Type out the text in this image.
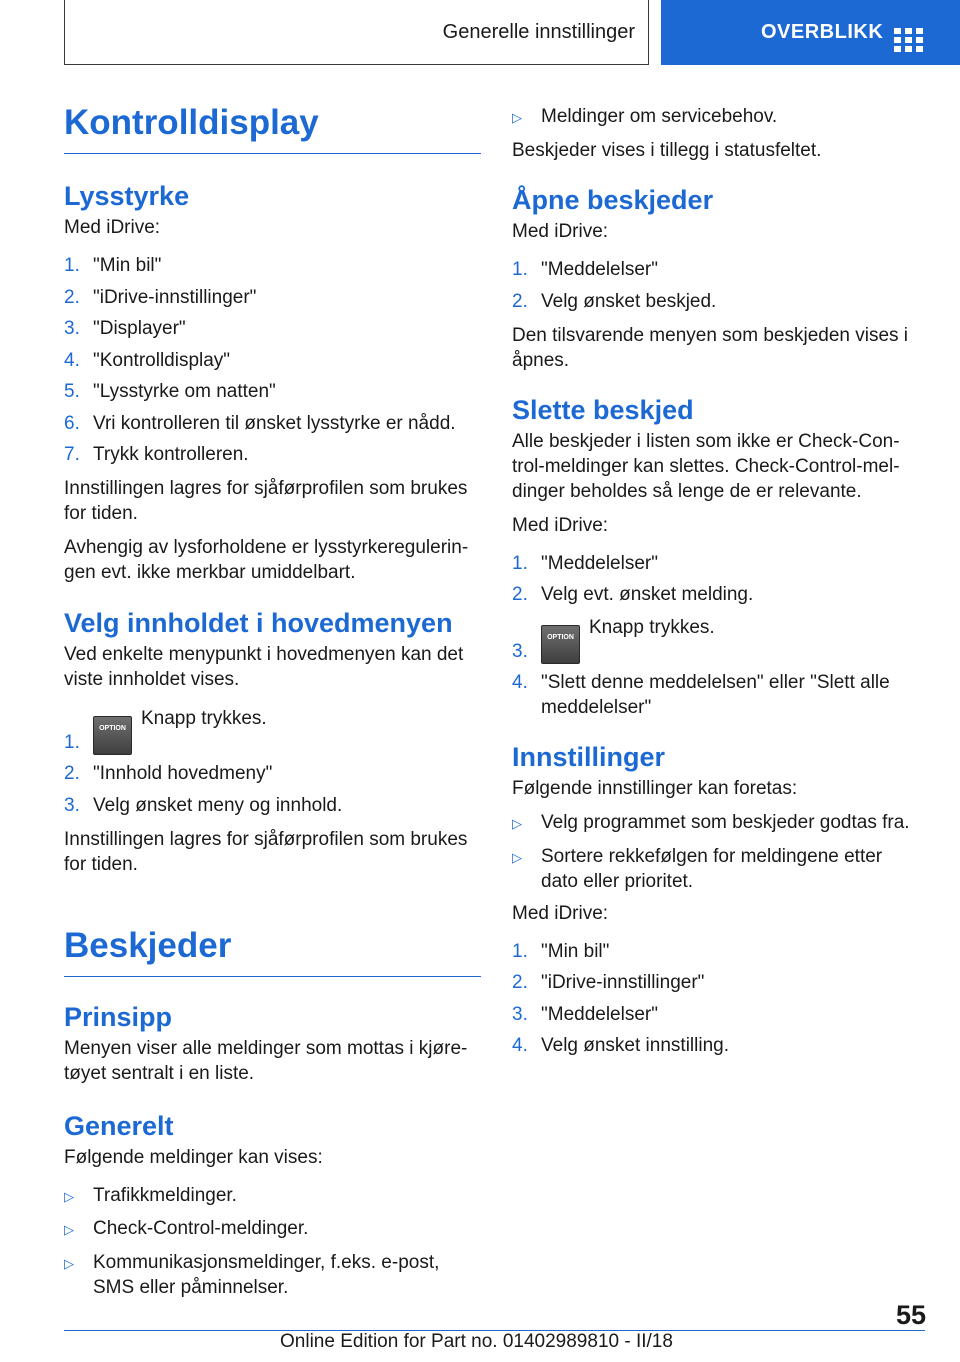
Generelle innstillinger	OVERBLIKK
Kontrolldisplay
Lysstyrke

Med iDrive:

1. "Min bil"
2. "iDrive-innstillinger"
3. "Displayer"
4. "Kontrolldisplay"
5. "Lysstyrke om natten"
6. Vri kontrolleren til ønsket lysstyrke er nådd.
7. Trykk kontrolleren.

Innstillingen lagres for sjåførprofilen som brukes for tiden.

Avhengig av lysforholdene er lysstyrkereguleringen evt. ikke merkbar umiddelbart.

Velg innholdet i hovedmenyen

Ved enkelte menypunkt i hovedmenyen kan det viste innholdet vises.

1.
OPTION Knapp trykkes.
2. "Innhold hovedmeny"
3. Velg ønsket meny og innhold.

Innstillingen lagres for sjåførprofilen som brukes for tiden.

Beskjeder
Prinsipp

Menyen viser alle meldinger som mottas i kjøretøyet sentralt i en liste.

Generelt

Følgende meldinger kan vises:

▷	Trafikkmeldinger.
▷	Check-Control-meldinger.
▷	Kommunikasjonsmeldinger, f.eks. e-post, SMS eller påminnelser.
▷	Meldinger om servicebehov.

Beskjeder vises i tillegg i statusfeltet.

Åpne beskjeder

Med iDrive:

1. "Meddelelser"
2. Velg ønsket beskjed.

Den tilsvarende menyen som beskjeden vises i åpnes.

Slette beskjed

Alle beskjeder i listen som ikke er Check-Control-meldinger kan slettes. Check-Control-meldinger beholdes så lenge de er relevante.

Med iDrive:

1. "Meddelelser"
2. Velg evt. ønsket melding.
3.
OPTION Knapp trykkes.
4. "Slett denne meddelelsen" eller "Slett alle meddelelser"
Innstillinger

Følgende innstillinger kan foretas:

▷	Velg programmet som beskjeder godtas fra.
▷	Sortere rekkefølgen for meldingene etter dato eller prioritet.

Med iDrive:

1. "Min bil"
2. "iDrive-innstillinger"
3. "Meddelelser"
4. Velg ønsket innstilling.
55
Online Edition for Part no. 01402989810 - II/18
